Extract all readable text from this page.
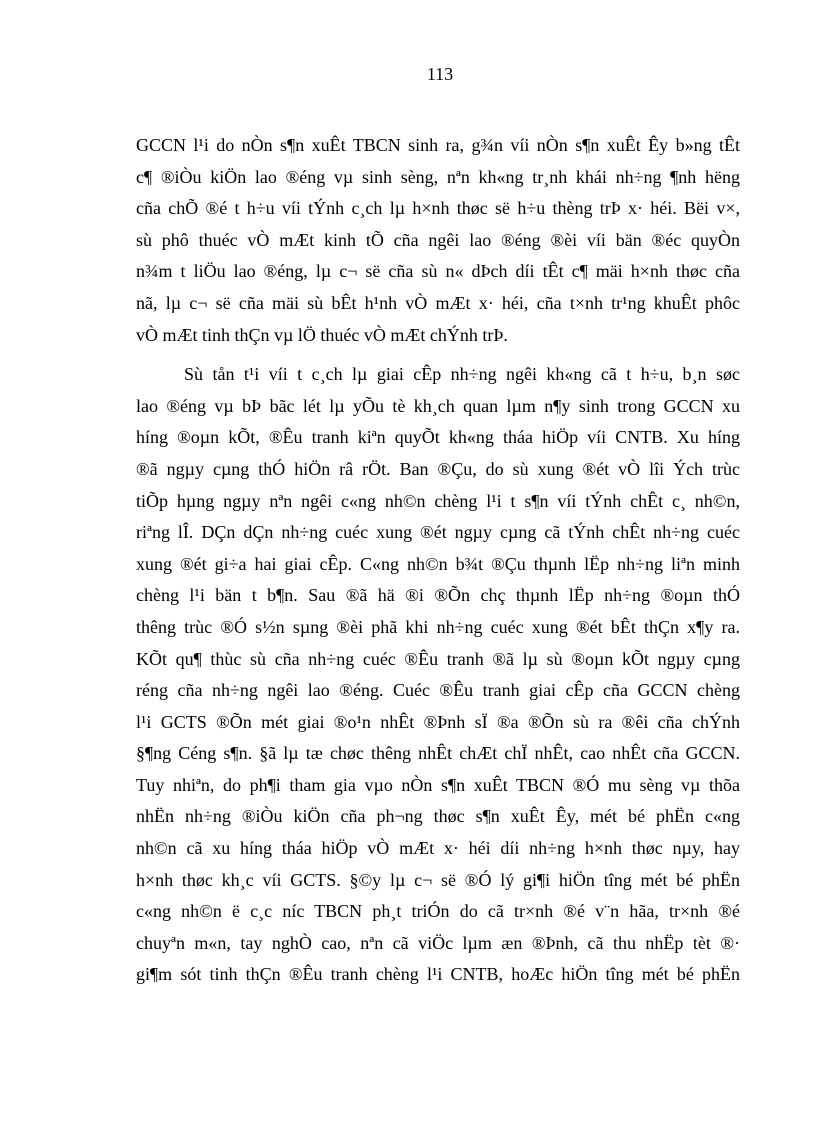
113
GCCN l¹i do nÒn s¶n xuÊt TBCN sinh ra, g¾n víi nÒn s¶n xuÊt Êy b»ng tÊt
c¶ ®iÒu kiÖn lao ®éng vµ sinh sèng, nªn kh«ng tr¸nh khái nh÷ng ¶nh hëng
cña chÕ ®é t h÷u víi tÝnh c¸ch lµ h×nh thøc së h÷u thèng trÞ x· héi. Bëi v×,
sù phô thuéc vÒ mÆt kinh tÕ cña ngêi lao ®éng ®èi víi bän ®éc quyÒn
n¾m t liÖu lao ®éng, lµ c¬ së cña sù n« dÞch díi tÊt c¶ mäi h×nh thøc cña
nã, lµ c¬ së cña mäi sù bÊt h¹nh vÒ mÆt x· héi, cña t×nh tr¹ng khuÊt phôc
vÒ mÆt tinh thÇn vµ lÖ thuéc vÒ mÆt chÝnh trÞ.
Sù tån t¹i víi t c¸ch lµ giai cÊp nh÷ng ngêi kh«ng cã t h÷u, b¸n søc
lao ®éng vµ bÞ bãc lét lµ yÕu tè kh¸ch quan lµm n¶y sinh trong GCCN xu
híng ®oµn kÕt, ®Êu tranh kiªn quyÕt kh«ng tháa hiÖp víi CNTB. Xu híng
®ã ngµy cµng thÓ hiÖn râ rÖt. Ban ®Çu, do sù xung ®ét vÒ lîi Ých trùc
tiÕp hµng ngµy nªn ngêi c«ng nh©n chèng l¹i t s¶n víi tÝnh chÊt c¸ nh©n,
riªng lÎ. DÇn dÇn nh÷ng cuéc xung ®ét ngµy cµng cã tÝnh chÊt nh÷ng cuéc
xung ®ét gi÷a hai giai cÊp. C«ng nh©n b¾t ®Çu thµnh lËp nh÷ng liªn minh
chèng l¹i bän t b¶n. Sau ®ã hä ®i ®Õn chç thµnh lËp nh÷ng ®oµn thÓ
thêng trùc ®Ó s½n sµng ®èi phã khi nh÷ng cuéc xung ®ét bÊt thÇn x¶y ra.
KÕt qu¶ thùc sù cña nh÷ng cuéc ®Êu tranh ®ã lµ sù ®oµn kÕt ngµy cµng
réng cña nh÷ng ngêi lao ®éng. Cuéc ®Êu tranh giai cÊp cña GCCN chèng
l¹i GCTS ®Õn mét giai ®o¹n nhÊt ®Þnh sÏ ®a ®Õn sù ra ®êi cña chÝnh
§¶ng Céng s¶n. §ã lµ tæ chøc thêng nhÊt chÆt chÏ nhÊt, cao nhÊt cña GCCN.
Tuy nhiªn, do ph¶i tham gia vµo nÒn s¶n xuÊt TBCN ®Ó mu sèng vµ thõa
nhËn nh÷ng ®iÒu kiÖn cña ph¬ng thøc s¶n xuÊt Êy, mét bé phËn c«ng
nh©n cã xu híng tháa hiÖp vÒ mÆt x· héi díi nh÷ng h×nh thøc nµy, hay
h×nh thøc kh¸c víi GCTS. §©y lµ c¬ së ®Ó lý gi¶i hiÖn tîng mét bé phËn
c«ng nh©n ë c¸c níc TBCN ph¸t triÓn do cã tr×nh ®é v¨n hãa, tr×nh ®é
chuyªn m«n, tay nghÒ cao, nªn cã viÖc lµm æn ®Þnh, cã thu nhËp tèt ®·
gi¶m sót tinh thÇn ®Êu tranh chèng l¹i CNTB, hoÆc hiÖn tîng mét bé phËn
